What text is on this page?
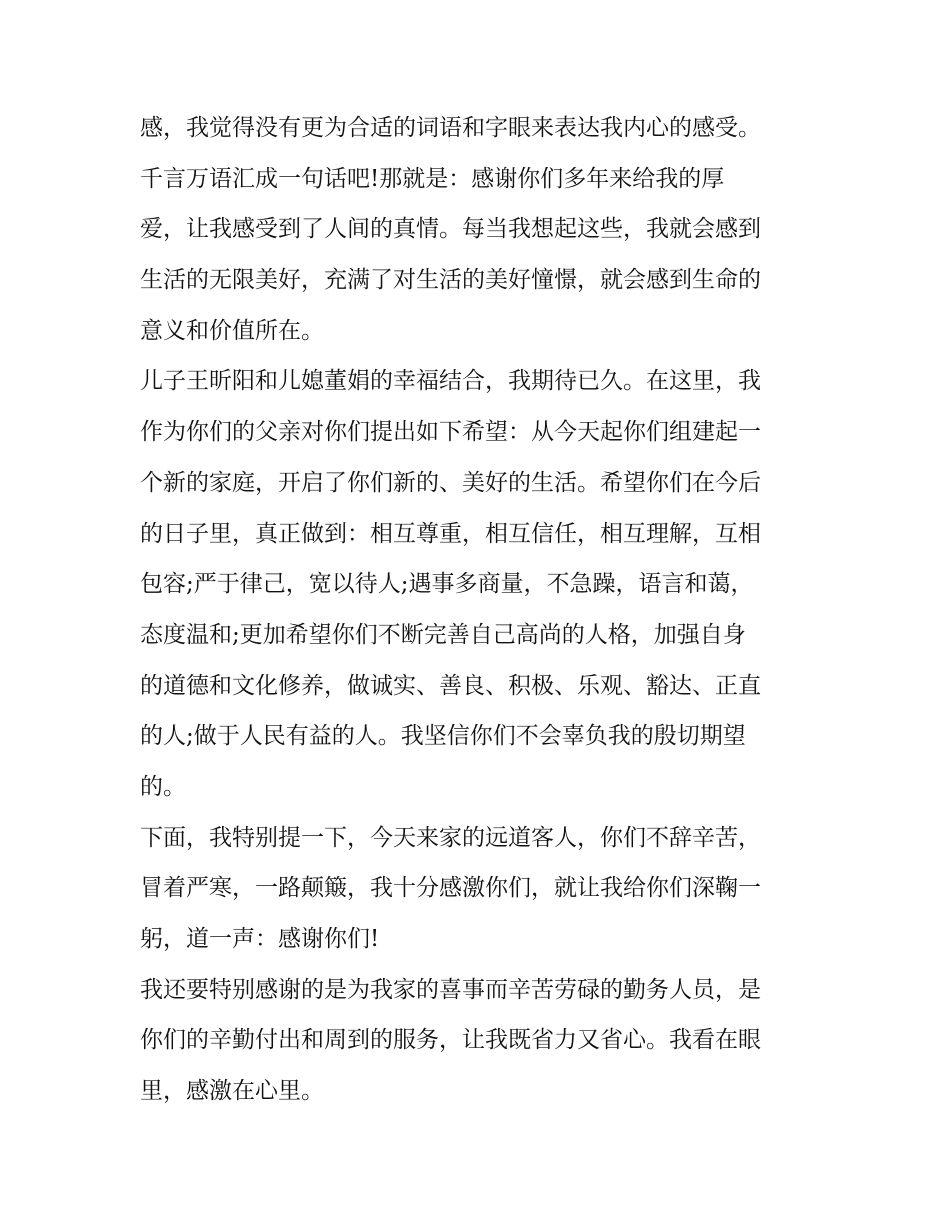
感，我觉得没有更为合适的词语和字眼来表达我内心的感受。
千言万语汇成一句话吧!那就是：感谢你们多年来给我的厚
爱，让我感受到了人间的真情。每当我想起这些，我就会感到
生活的无限美好，充满了对生活的美好憧憬，就会感到生命的
意义和价值所在。
儿子王昕阳和儿媳董娟的幸福结合，我期待已久。在这里，我
作为你们的父亲对你们提出如下希望：从今天起你们组建起一
个新的家庭，开启了你们新的、美好的生活。希望你们在今后
的日子里，真正做到：相互尊重，相互信任，相互理解，互相
包容;严于律己，宽以待人;遇事多商量，不急躁，语言和蔼，
态度温和;更加希望你们不断完善自己高尚的人格，加强自身
的道德和文化修养，做诚实、善良、积极、乐观、豁达、正直
的人;做于人民有益的人。我坚信你们不会辜负我的殷切期望
的。
下面，我特别提一下，今天来家的远道客人，你们不辞辛苦，
冒着严寒，一路颠簸，我十分感激你们，就让我给你们深鞠一
躬，道一声：感谢你们!
我还要特别感谢的是为我家的喜事而辛苦劳碌的勤务人员，是
你们的辛勤付出和周到的服务，让我既省力又省心。我看在眼
里，感激在心里。
